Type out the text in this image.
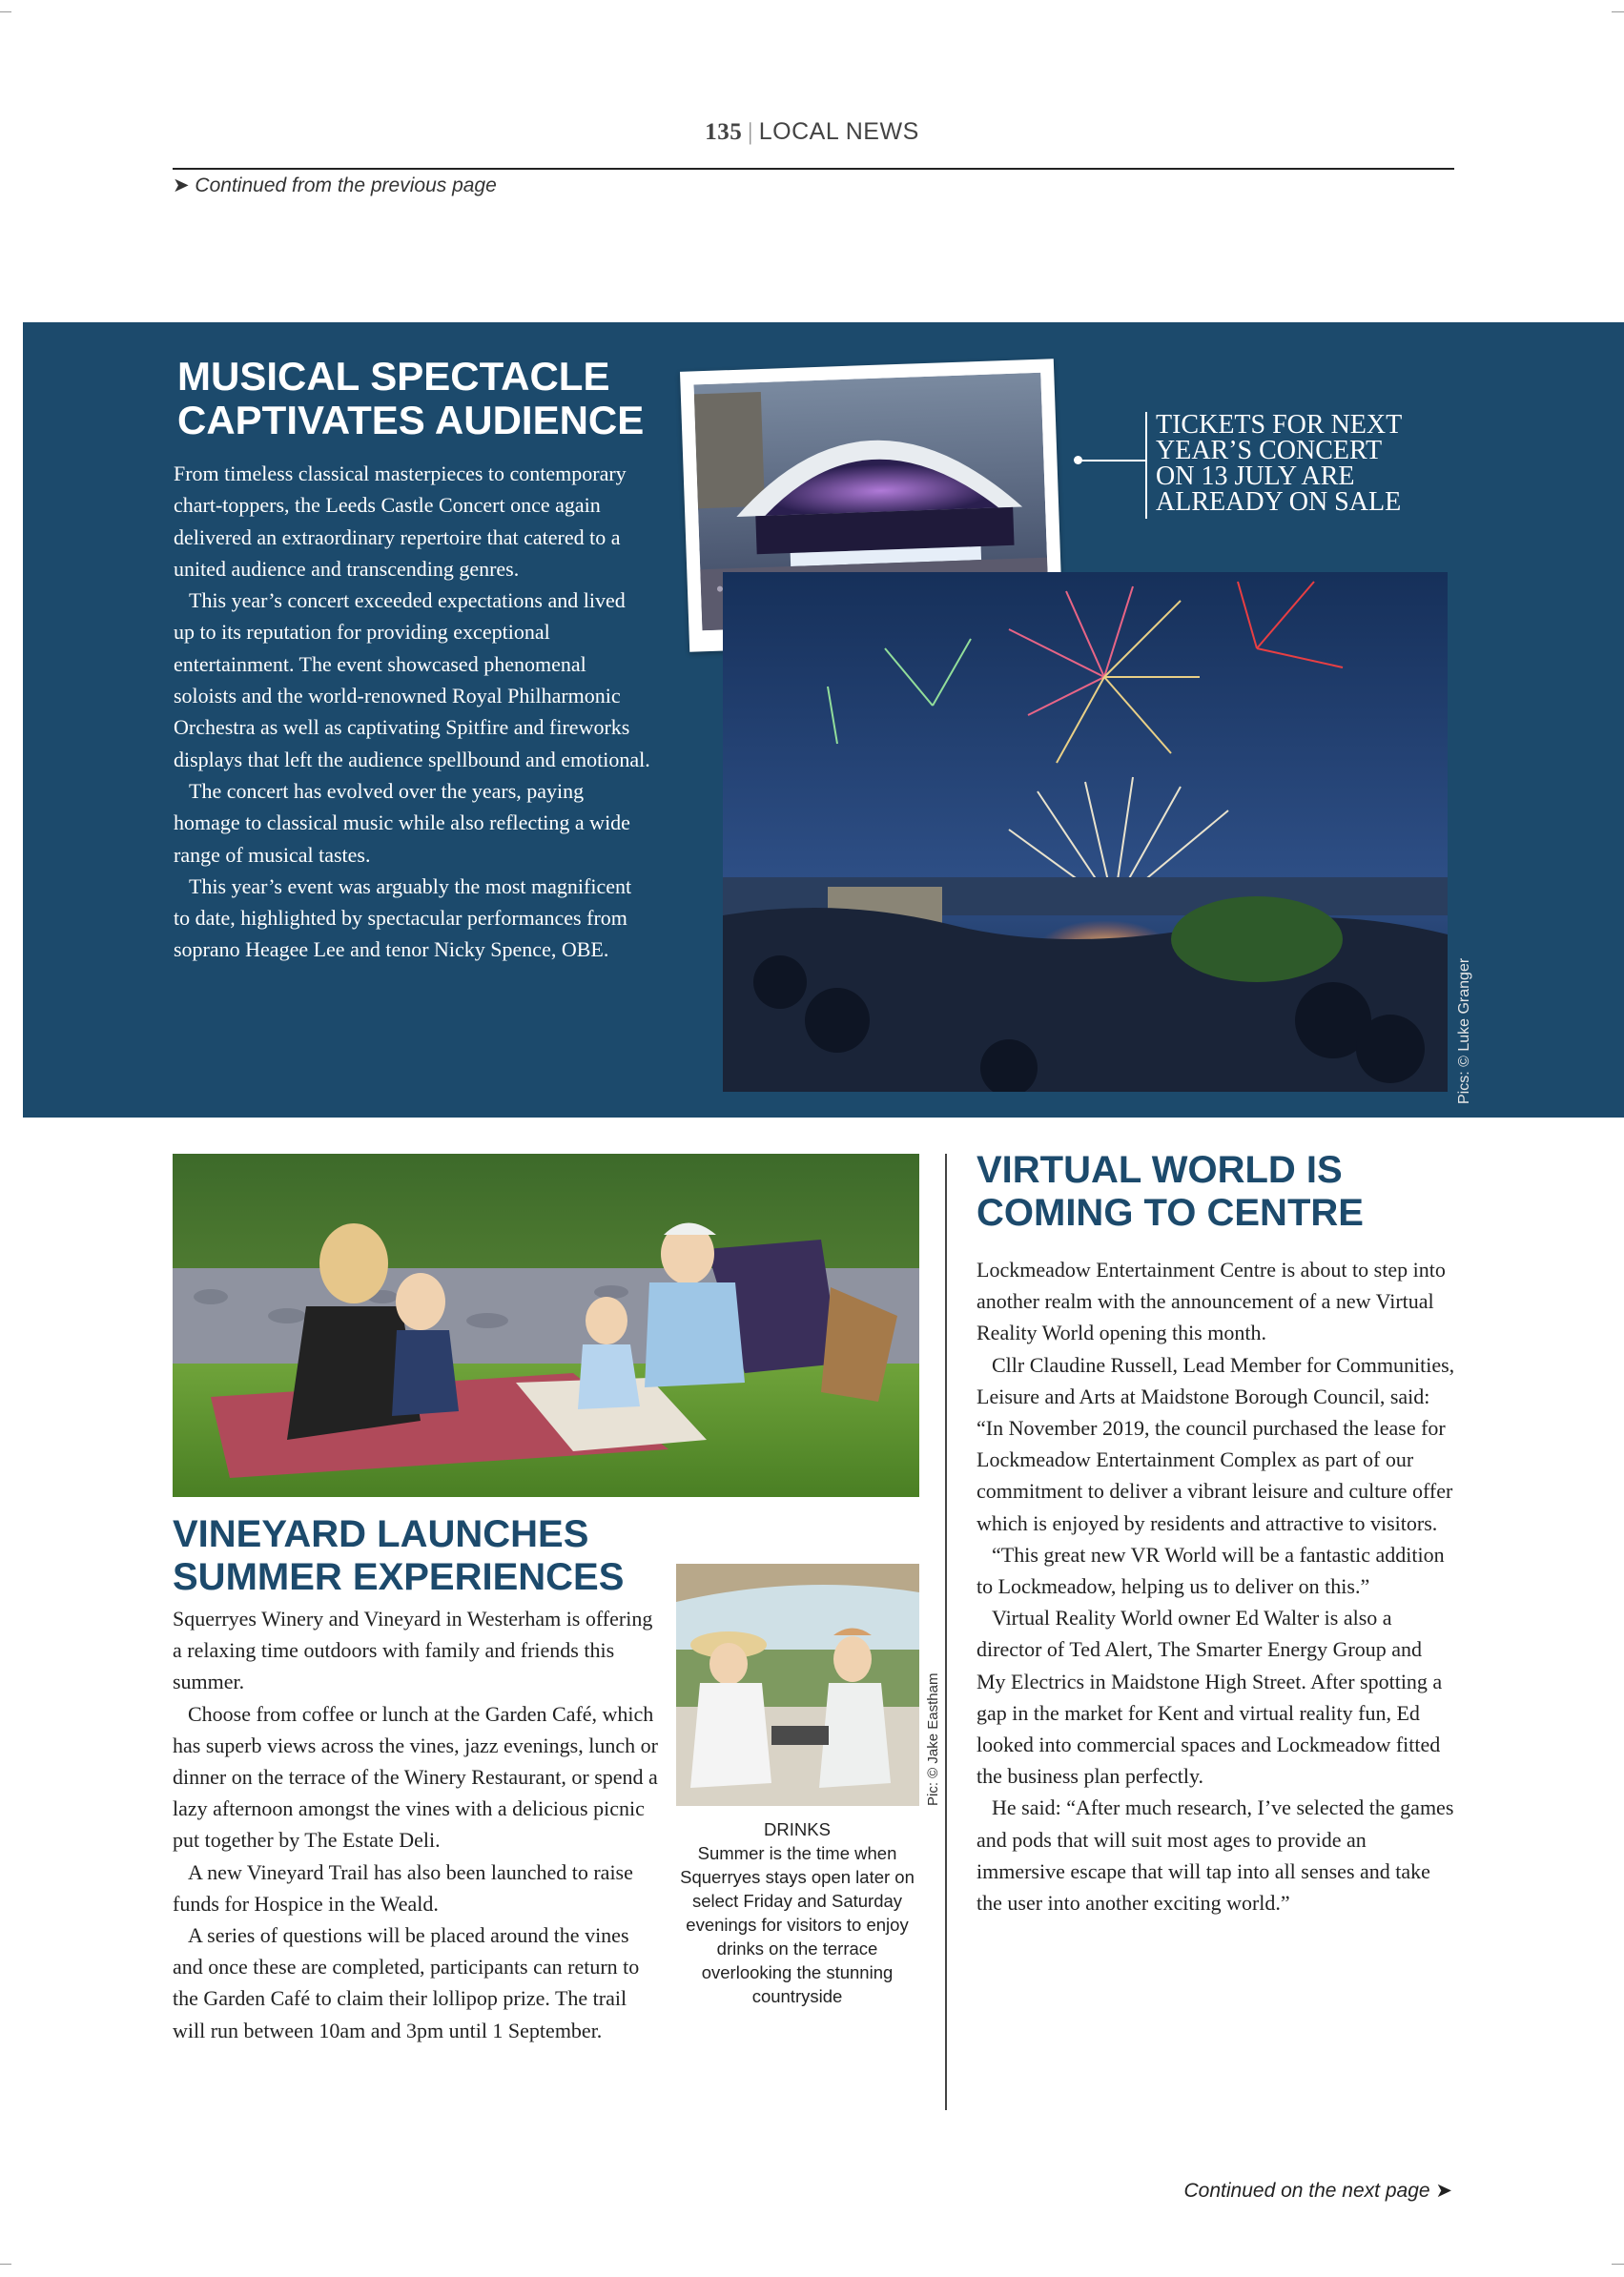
135 | LOCAL NEWS
➤ Continued from the previous page
MUSICAL SPECTACLE
CAPTIVATES AUDIENCE

From timeless classical masterpieces to contemporary chart-toppers, the Leeds Castle Concert once again delivered an extraordinary repertoire that catered to a united audience and transcending genres.

This year’s concert exceeded expectations and lived up to its reputation for providing exceptional entertainment. The event showcased phenomenal soloists and the world-renowned Royal Philharmonic Orchestra as well as captivating Spitfire and fireworks displays that left the audience spellbound and emotional.

The concert has evolved over the years, paying homage to classical music while also reflecting a wide range of musical tastes.

This year’s event was arguably the most magnificent to date, highlighted by spectacular performances from soprano Heagee Lee and tenor Nicky Spence, OBE.

TICKETS FOR NEXT
YEAR’S CONCERT
ON 13 JULY ARE
ALREADY ON SALE
Pics: © Luke Granger
VINEYARD LAUNCHES
SUMMER EXPERIENCES

Squerryes Winery and Vineyard in Westerham is offering a relaxing time outdoors with family and friends this summer.

Choose from coffee or lunch at the Garden Café, which has superb views across the vines, jazz evenings, lunch or dinner on the terrace of the Winery Restaurant, or spend a lazy afternoon amongst the vines with a delicious picnic put together by The Estate Deli.

A new Vineyard Trail has also been launched to raise funds for Hospice in the Weald.

A series of questions will be placed around the vines and once these are completed, participants can return to the Garden Café to claim their lollipop prize. The trail will run between 10am and 3pm until 1 September.

Pic: © Jake Eastham
DRINKS
Summer is the time when Squerryes stays open later on select Friday and Saturday evenings for visitors to enjoy drinks on the terrace overlooking the stunning countryside
VIRTUAL WORLD IS
COMING TO CENTRE

Lockmeadow Entertainment Centre is about to step into another realm with the announcement of a new Virtual Reality World opening this month.

Cllr Claudine Russell, Lead Member for Communities, Leisure and Arts at Maidstone Borough Council, said: “In November 2019, the council purchased the lease for Lockmeadow Entertainment Complex as part of our commitment to deliver a vibrant leisure and culture offer which is enjoyed by residents and attractive to visitors.

“This great new VR World will be a fantastic addition to Lockmeadow, helping us to deliver on this.”

Virtual Reality World owner Ed Walter is also a director of Ted Alert, The Smarter Energy Group and My Electrics in Maidstone High Street. After spotting a gap in the market for Kent and virtual reality fun, Ed looked into commercial spaces and Lockmeadow fitted the business plan perfectly.

He said: “After much research, I’ve selected the games and pods that will suit most ages to provide an immersive escape that will tap into all senses and take the user into another exciting world.”

Continued on the next page ➤
